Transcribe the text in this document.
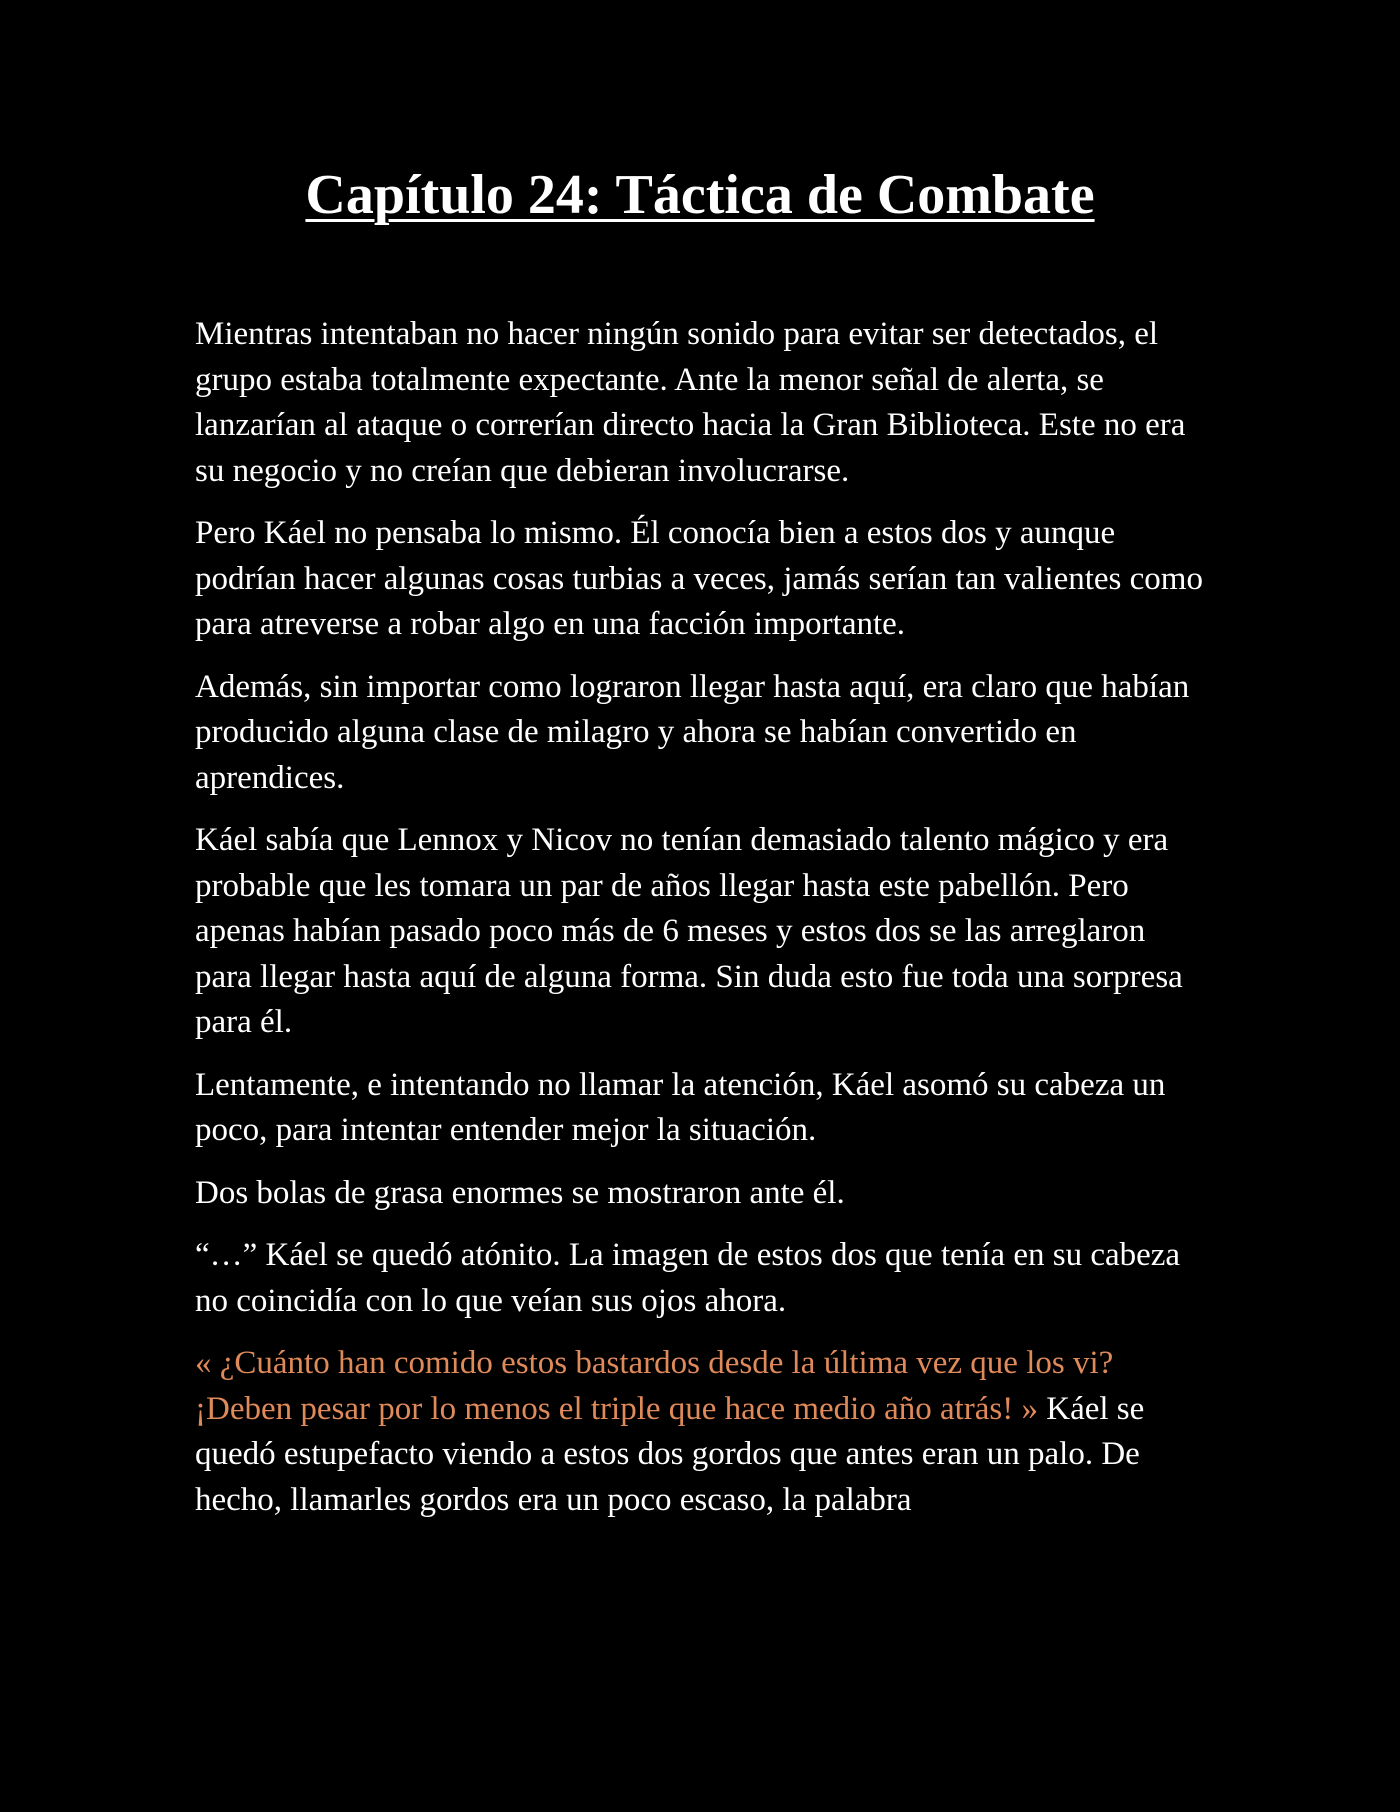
Capítulo 24: Táctica de Combate

Mientras intentaban no hacer ningún sonido para evitar ser detectados, el grupo estaba totalmente expectante. Ante la menor señal de alerta, se lanzarían al ataque o correrían directo hacia la Gran Biblioteca. Este no era su negocio y no creían que debieran involucrarse.

Pero Káel no pensaba lo mismo. Él conocía bien a estos dos y aunque podrían hacer algunas cosas turbias a veces, jamás serían tan valientes como para atreverse a robar algo en una facción importante.

Además, sin importar como lograron llegar hasta aquí, era claro que habían producido alguna clase de milagro y ahora se habían convertido en aprendices.

Káel sabía que Lennox y Nicov no tenían demasiado talento mágico y era probable que les tomara un par de años llegar hasta este pabellón. Pero apenas habían pasado poco más de 6 meses y estos dos se las arreglaron para llegar hasta aquí de alguna forma. Sin duda esto fue toda una sorpresa para él.

Lentamente, e intentando no llamar la atención, Káel asomó su cabeza un poco, para intentar entender mejor la situación.

Dos bolas de grasa enormes se mostraron ante él.

“…” Káel se quedó atónito. La imagen de estos dos que tenía en su cabeza no coincidía con lo que veían sus ojos ahora.

« ¿Cuánto han comido estos bastardos desde la última vez que los vi? ¡Deben pesar por lo menos el triple que hace medio año atrás! » Káel se quedó estupefacto viendo a estos dos gordos que antes eran un palo. De hecho, llamarles gordos era un poco escaso, la palabra
